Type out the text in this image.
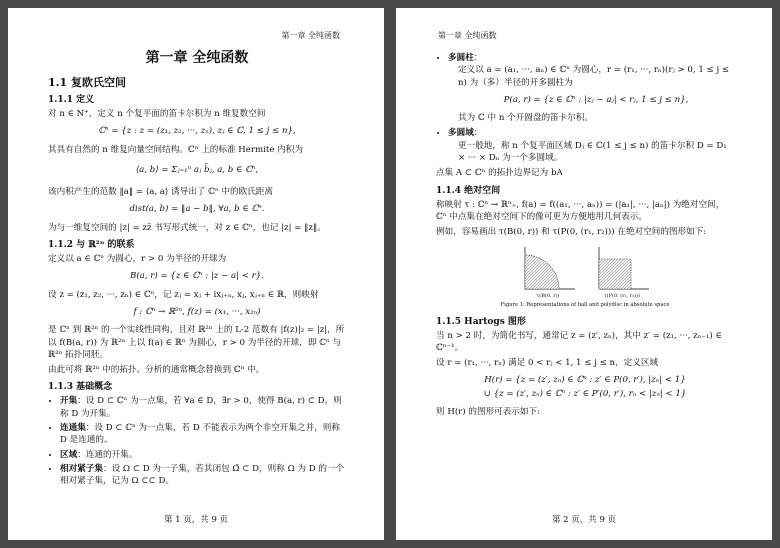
第一章 全纯函数
第一章 全纯函数
1.1 复欧氏空间
1.1.1 定义

对 n ∈ N⁺，定义 n 个复平面的笛卡尔积为 n 维复数空间

ℂⁿ = {z : z = (z₁, z₂, ···, zₙ), zⱼ ∈ ℂ, 1 ≤ j ≤ n},

其具有自然的 n 维复向量空间结构。ℂⁿ 上的标准 Hermite 内积为

⟨a, b⟩ = Σⱼ₌₁ⁿ aⱼ b̄ⱼ, a, b ∈ ℂⁿ,

该内积产生的范数 ‖a‖ = ⟨a, a⟩ 诱导出了 ℂⁿ 中的欧氏距离

dist(a, b) = ‖a − b‖, ∀a, b ∈ ℂⁿ.

为与一维复空间的 |z| = zz̄ 书写形式统一，对 z ∈ ℂⁿ，也记 |z| = ‖z‖。

1.1.2 与 ℝ²ⁿ 的联系

定义以 a ∈ ℂⁿ 为圆心，r > 0 为半径的开球为

B(a, r) = {z ∈ ℂⁿ : |z − a| < r}.

设 z = (z₁, z₂, ···, zₙ) ∈ ℂⁿ，记 zⱼ = xⱼ + ixⱼ₊ₙ, xⱼ, xⱼ₊ₙ ∈ ℝ，则映射

f : ℂⁿ → ℝ²ⁿ, f(z) = (x₁, ···, x₂ₙ)

是 ℂⁿ 到 ℝ²ⁿ 的一个实线性同构，且对 ℝ²ⁿ 上的 L-2 范数有 |f(z)|₂ = |z|，所以 f(B(a, r)) 为 ℝ²ⁿ 上以 f(a) ∈ ℝⁿ 为圆心，r > 0 为半径的开球，即 ℂⁿ 与 ℝ²ⁿ 拓扑同胚。

由此可将 ℝ²ⁿ 中的拓扑、分析的通常概念替换到 ℂⁿ 中。

1.1.3 基础概念
• 开集：设 D ⊂ ℂⁿ 为一点集，若 ∀a ∈ D，∃r > 0，使得 B(a, r) ⊂ D，则称 D 为开集。
• 连通集：设 D ⊂ ℂⁿ 为一点集，若 D 不能表示为两个非空开集之并，则称 D 是连通的。
• 区域：连通的开集。
• 相对紧子集：设 Ω ⊂ D 为一子集，若其闭包 Ω̄ ⊂ D，则称 Ω 为 D 的一个相对紧子集，记为 Ω ⊂⊂ D。
第 1 页，共 9 页
第一章 全纯函数
• 多圆柱：

定义以 a = (a₁, ···, aₙ) ∈ ℂⁿ 为圆心，r = (r₁, ···, rₙ)(rⱼ > 0, 1 ≤ j ≤ n) 为（多）半径的开多圆柱为

P(a, r) = {z ∈ ℂⁿ : |zⱼ − aⱼ| < rⱼ, 1 ≤ j ≤ n},

其为 ℂ 中 n 个开圆盘的笛卡尔积。

• 多圆域：

更一般地，称 n 个复平面区域 Dⱼ ∈ ℂ(1 ≤ j ≤ n) 的笛卡尔积 D = D₁ × ··· × Dₙ 为一个多圆域。

点集 A ⊂ ℂⁿ 的拓扑边界记为 bA

1.1.4 绝对空间

称映射 τ : ℂⁿ → ℝⁿ₊, f(a) = f((a₁, ···, aₙ)) = (|a₁|, ···, |aₙ|) 为绝对空间，ℂⁿ 中点集在绝对空间下的像可更为方便地用几何表示。

例如，容易画出 τ(B(0, r)) 和 τ(P(0, (r₁, r₂))) 在绝对空间的图形如下:

τ(B(0, r))	τ(P(0, (r₁, r₂)))
Figure 1: Representations of ball and polydisc in absolute space
1.1.5 Hartogs 图形

当 n > 2 时，为简化书写，通常记 z = (z′, zₙ)，其中 z′ = (z₁, ···, zₙ₋₁) ∈ ℂⁿ⁻¹。

设 r = (r₁, ···, rₙ) 满足 0 < rⱼ < 1, 1 ≤ j ≤ n，定义区域

H(r) = {z = (z′, zₙ) ∈ ℂⁿ : z′ ∈ P(0, r′), |zₙ| < 1}
∪ {z = (z′, zₙ) ∈ ℂⁿ : z′ ∈ P′(0, r′), rₙ < |zₙ| < 1}

则 H(r) 的图形可表示如下:

第 2 页，共 9 页
